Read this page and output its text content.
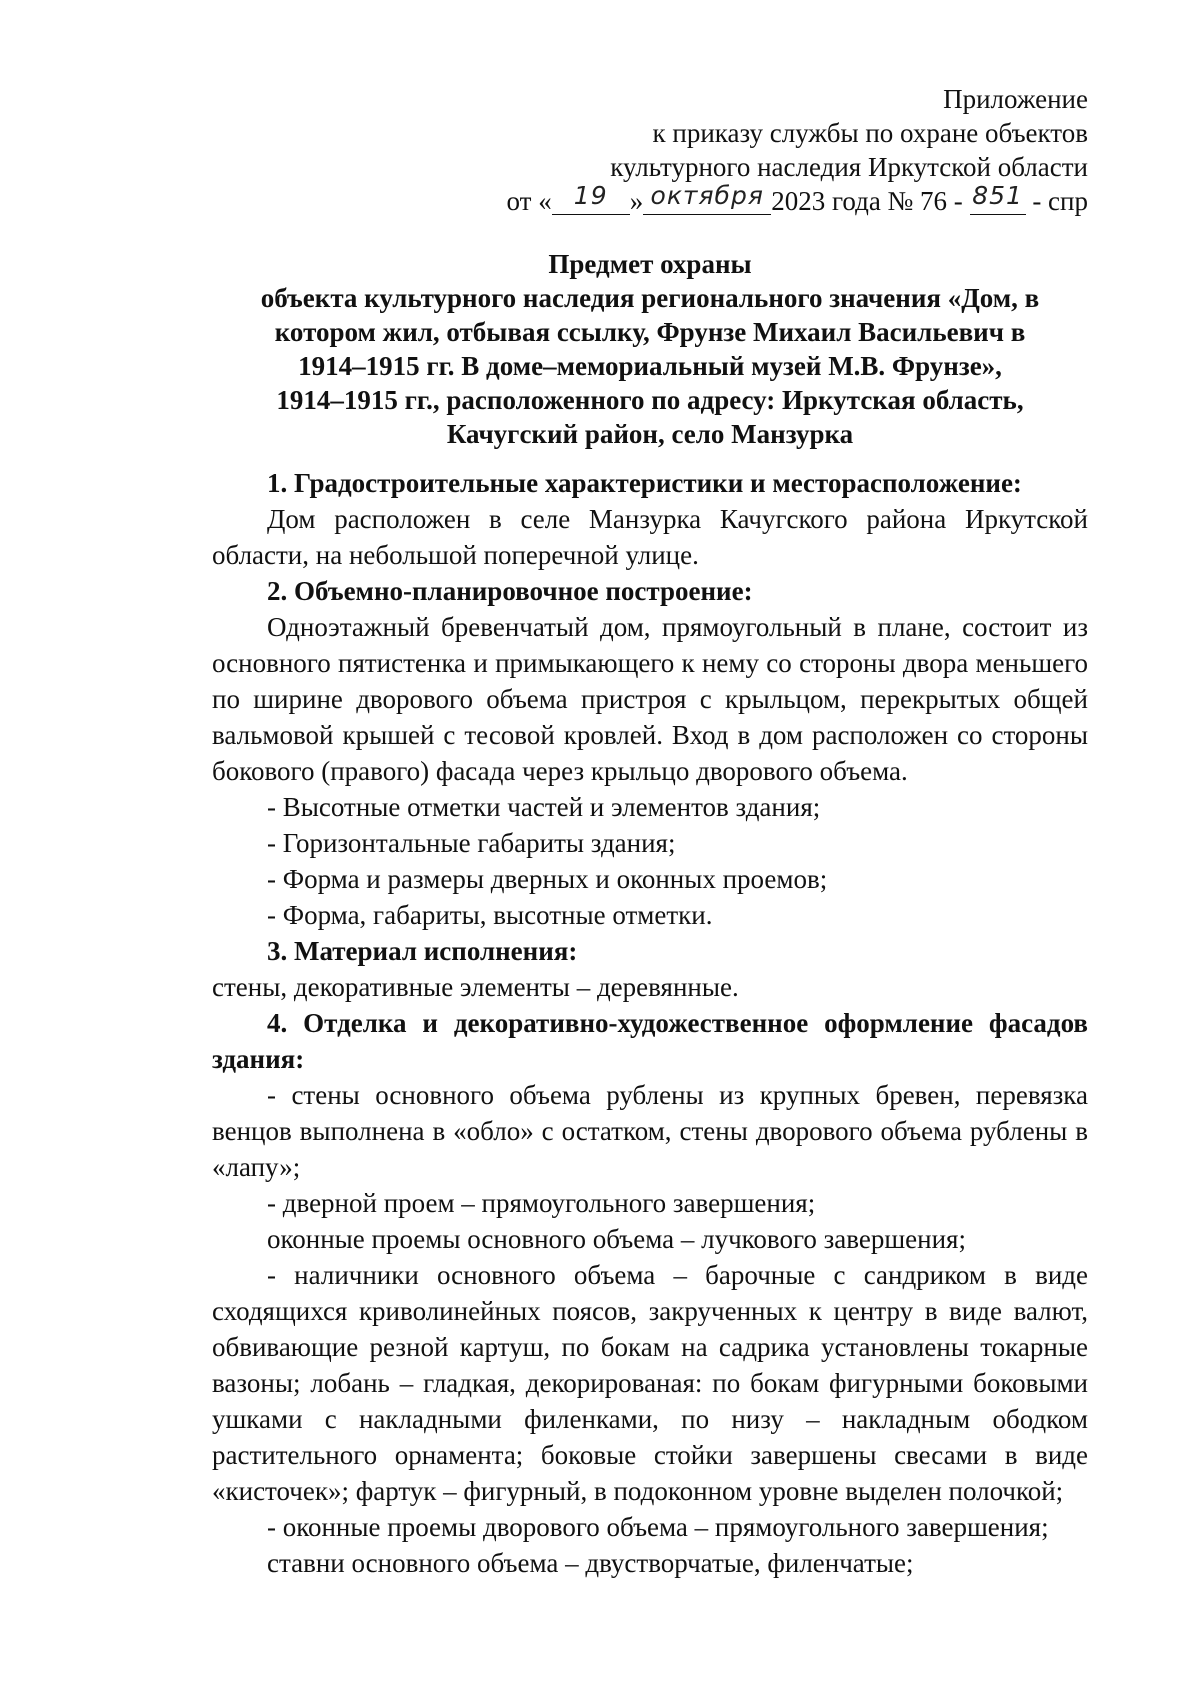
Приложение
к приказу службы по охране объектов
культурного наследия Иркутской области
от « 19 » октября 2023 года № 76 - 851 - спр

Предмет охраны

объекта культурного наследия регионального значения «Дом, в

котором жил, отбывая ссылку, Фрунзе Михаил Васильевич в

1914–1915 гг. В доме–мемориальный музей М.В. Фрунзе»,

1914–1915 гг., расположенного по адресу: Иркутская область,

Качугский район, село Манзурка

1. Градостроительные характеристики и месторасположение:

Дом расположен в селе Манзурка Качугского района Иркутской области, на небольшой поперечной улице.

2. Объемно-планировочное построение:

Одноэтажный бревенчатый дом, прямоугольный в плане, состоит из основного пятистенка и примыкающего к нему со стороны двора меньшего по ширине дворового объема пристроя с крыльцом, перекрытых общей вальмовой крышей с тесовой кровлей. Вход в дом расположен со стороны бокового (правого) фасада через крыльцо дворового объема.

- Высотные отметки частей и элементов здания;

- Горизонтальные габариты здания;

- Форма и размеры дверных и оконных проемов;

- Форма, габариты, высотные отметки.

3. Материал исполнения:

стены, декоративные элементы – деревянные.

4. Отделка и декоративно-художественное оформление фасадов здания:

- стены основного объема рублены из крупных бревен, перевязка венцов выполнена в «обло» с остатком, стены дворового объема рублены в «лапу»;

- дверной проем – прямоугольного завершения;

оконные проемы основного объема – лучкового завершения;

- наличники основного объема – барочные с сандриком в виде сходящихся криволинейных поясов, закрученных к центру в виде валют, обвивающие резной картуш, по бокам на садрика установлены токарные вазоны; лобань – гладкая, декорированая: по бокам фигурными боковыми ушками с накладными филенками, по низу – накладным ободком растительного орнамента; боковые стойки завершены свесами в виде «кисточек»; фартук – фигурный, в подоконном уровне выделен полочкой;

- оконные проемы дворового объема – прямоугольного завершения;

ставни основного объема – двустворчатые, филенчатые;
